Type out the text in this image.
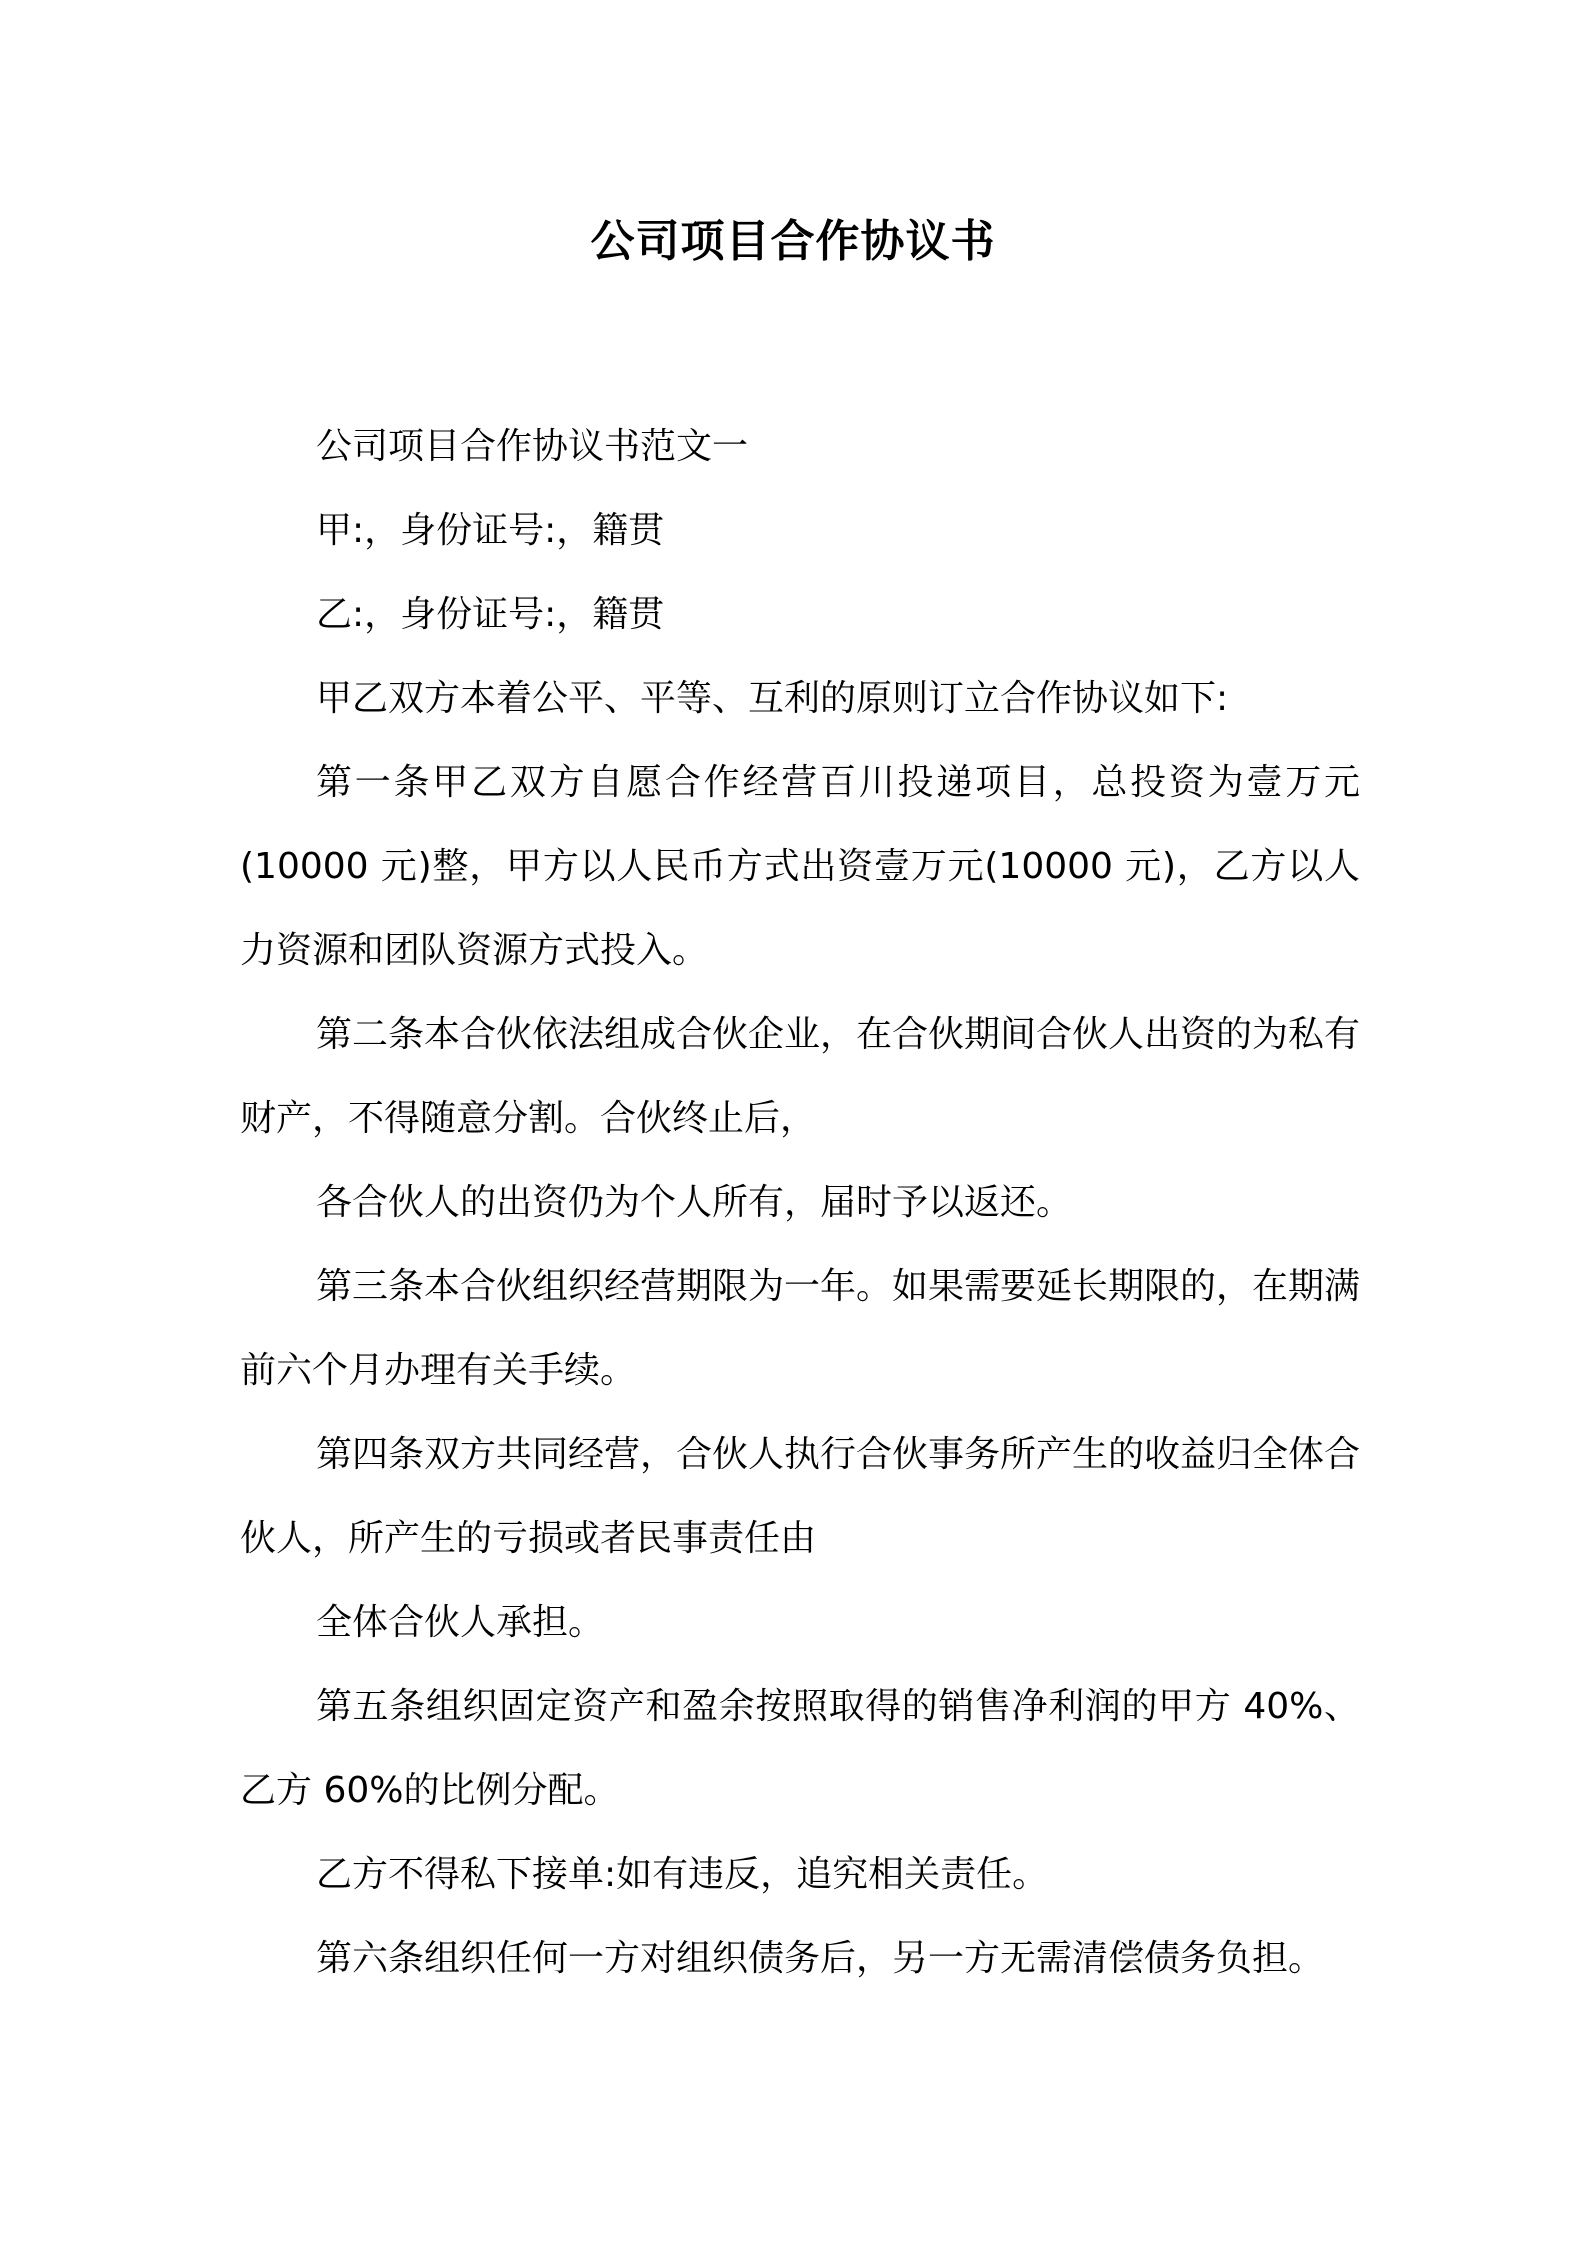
公司项目合作协议书

公司项目合作协议书范文一

甲:，身份证号:，籍贯

乙:，身份证号:，籍贯

甲乙双方本着公平、平等、互利的原则订立合作协议如下:

第一条甲乙双方自愿合作经营百川投递项目，总投资为壹万元(10000 元)整，甲方以人民币方式出资壹万元(10000 元)，乙方以人力资源和团队资源方式投入。

第二条本合伙依法组成合伙企业，在合伙期间合伙人出资的为私有财产，不得随意分割。合伙终止后，

各合伙人的出资仍为个人所有，届时予以返还。

第三条本合伙组织经营期限为一年。如果需要延长期限的，在期满前六个月办理有关手续。

第四条双方共同经营，合伙人执行合伙事务所产生的收益归全体合伙人，所产生的亏损或者民事责任由

全体合伙人承担。

第五条组织固定资产和盈余按照取得的销售净利润的甲方 40%、乙方 60%的比例分配。

乙方不得私下接单:如有违反，追究相关责任。

第六条组织任何一方对组织债务后，另一方无需清偿债务负担。
